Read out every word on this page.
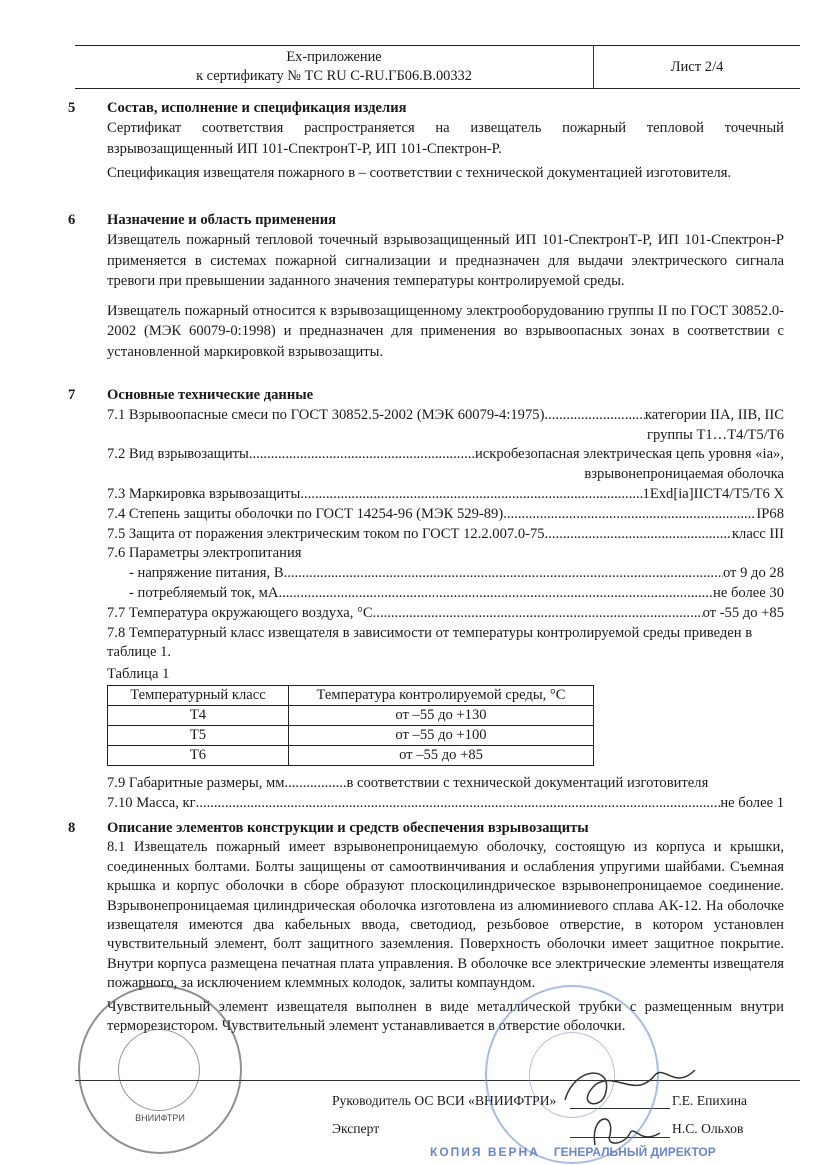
Ex-приложение
к сертификату № ТС RU C-RU.ГБ06.В.00332
Лист 2/4
5 Состав, исполнение и спецификация изделия

Сертификат соответствия распространяется на извещатель пожарный тепловой точечный взрывозащищенный ИП 101-СпектронТ-Р, ИП 101-Спектрон-Р.

Спецификация извещателя пожарного в – соответствии с технической документацией изготовителя.

6 Назначение и область применения

Извещатель пожарный тепловой точечный взрывозащищенный ИП 101-СпектронТ-Р, ИП 101-Спектрон-Р применяется в системах пожарной сигнализации и предназначен для выдачи электрического сигнала тревоги при превышении заданного значения температуры контролируемой среды.

Извещатель пожарный относится к взрывозащищенному электрооборудованию группы II по ГОСТ 30852.0-2002 (МЭК 60079-0:1998) и предназначен для применения во взрывоопасных зонах в соответствии с установленной маркировкой взрывозащиты.

7 Основные технические данные
7.1 Взрывоопасные смеси по ГОСТ 30852.5-2002 (МЭК 60079-4:1975) .....	категории IIA, IIB, IIC
группы Т1…Т4/Т5/Т6
7.2 Вид взрывозащиты .....	искробезопасная электрическая цепь уровня «ia»,
взрывонепроницаемая оболочка
7.3 Маркировка взрывозащиты .....	1Exd[ia]IICT4/T5/T6 X
7.4 Степень защиты оболочки по ГОСТ 14254-96 (МЭК 529-89) .....	IP68
7.5 Защита от поражения электрическим током по ГОСТ 12.2.007.0-75 .....	класс III
7.6 Параметры электропитания
- напряжение питания, В .....	от 9 до 28
- потребляемый ток, мА .....	не более 30
7.7 Температура окружающего воздуха, °С .....	от -55 до +85

7.8 Температурный класс извещателя в зависимости от температуры контролируемой среды приведен в таблице 1.

Таблица 1
Температурный класс	Температура контролируемой среды, °С
Т4	от –55 до +130
Т5	от –55 до +100
Т6	от –55 до +85
7.9 Габаритные размеры, мм .....	в соответствии с технической документаций изготовителя
7.10 Масса, кг .....	не более 1
8 Описание элементов конструкции и средств обеспечения взрывозащиты

8.1 Извещатель пожарный имеет взрывонепроницаемую оболочку, состоящую из корпуса и крышки, соединенных болтами. Болты защищены от самоотвинчивания и ослабления упругими шайбами. Съемная крышка и корпус оболочки в сборе образуют плоскоцилиндрическое взрывонепроницаемое соединение. Взрывонепроницаемая цилиндрическая оболочка изготовлена из алюминиевого сплава АК-12. На оболочке извещателя имеются два кабельных ввода, светодиод, резьбовое отверстие, в котором установлен чувствительный элемент, болт защитного заземления. Поверхность оболочки имеет защитное покрытие. Внутри корпуса размещена печатная плата управления. В оболочке все электрические элементы извещателя пожарного, за исключением клеммных колодок, залиты компаундом.

Чувствительный элемент извещателя выполнен в виде металлической трубки с размещенным внутри терморезистором. Чувствительный элемент устанавливается в отверстие оболочки.

Руководитель ОС ВСИ «ВНИИФТРИ»	Г.Е. Епихина
Эксперт	Н.С. Ольхов
ВНИИФТРИ
КОПИЯ ВЕРНА ГЕНЕРАЛЬНЫЙ ДИРЕКТОР
